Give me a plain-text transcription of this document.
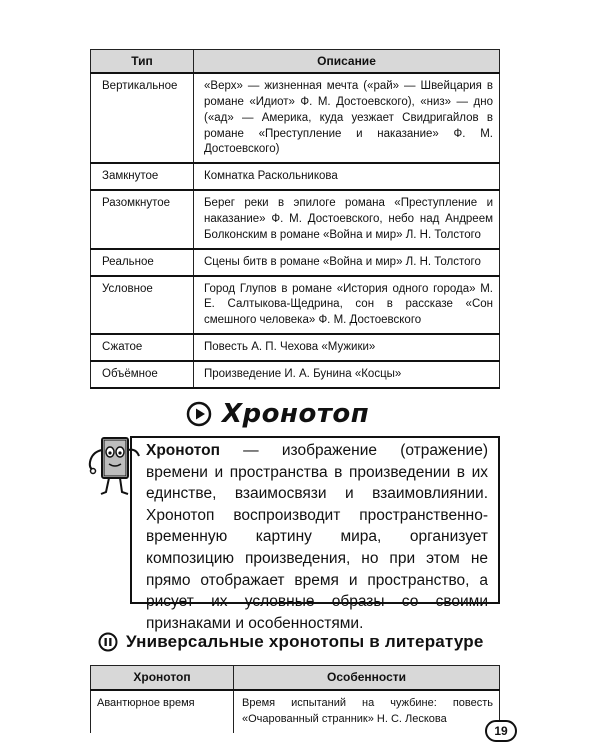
Тип	Описание
Вертикальное	«Верх» — жизненная мечта («рай» — Швейцария в романе «Идиот» Ф. М. Достоевского), «низ» — дно («ад» — Америка, куда уезжает Свидригайлов в романе «Преступление и наказание» Ф. М. Достоевского)
Замкнутое	Комнатка Раскольникова
Разомкнутое	Берег реки в эпилоге романа «Преступление и наказание» Ф. М. Достоевского, небо над Андреем Болконским в романе «Война и мир» Л. Н. Толстого
Реальное	Сцены битв в романе «Война и мир» Л. Н. Толстого
Условное	Город Глупов в романе «История одного города» М. Е. Салтыкова-Щедрина, сон в рассказе «Сон смешного человека» Ф. М. Достоевского
Сжатое	Повесть А. П. Чехова «Мужики»
Объёмное	Произведение И. А. Бунина «Косцы»
Хронотоп
Хронотоп — изображение (отражение) времени и пространства в произведении в их единстве, взаимосвязи и взаимовлиянии. Хронотоп воспроизводит пространственно-временную картину мира, организует композицию произведения, но при этом не прямо отображает время и пространство, а рисует их условные образы со своими признаками и особенностями.
Универсальные хронотопы в литературе
Хронотоп	Особенности
Авантюрное время	Время испытаний на чужбине: повесть «Очарованный странник» Н. С. Лескова
19
